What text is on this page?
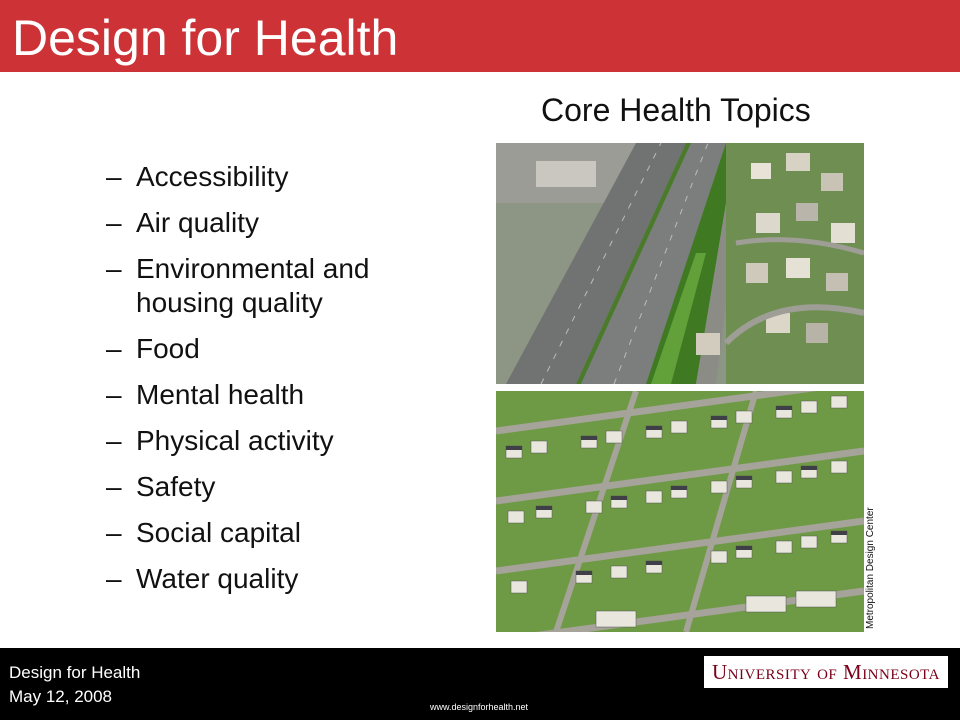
Design for Health
Core Health Topics
– Accessibility
– Air quality
– Environmental and housing quality
– Food
– Mental health
– Physical activity
– Safety
– Social capital
– Water quality	Metropolitan Design Center
Design for Health
May 12, 2008
www.designforhealth.net
University of Minnesota
